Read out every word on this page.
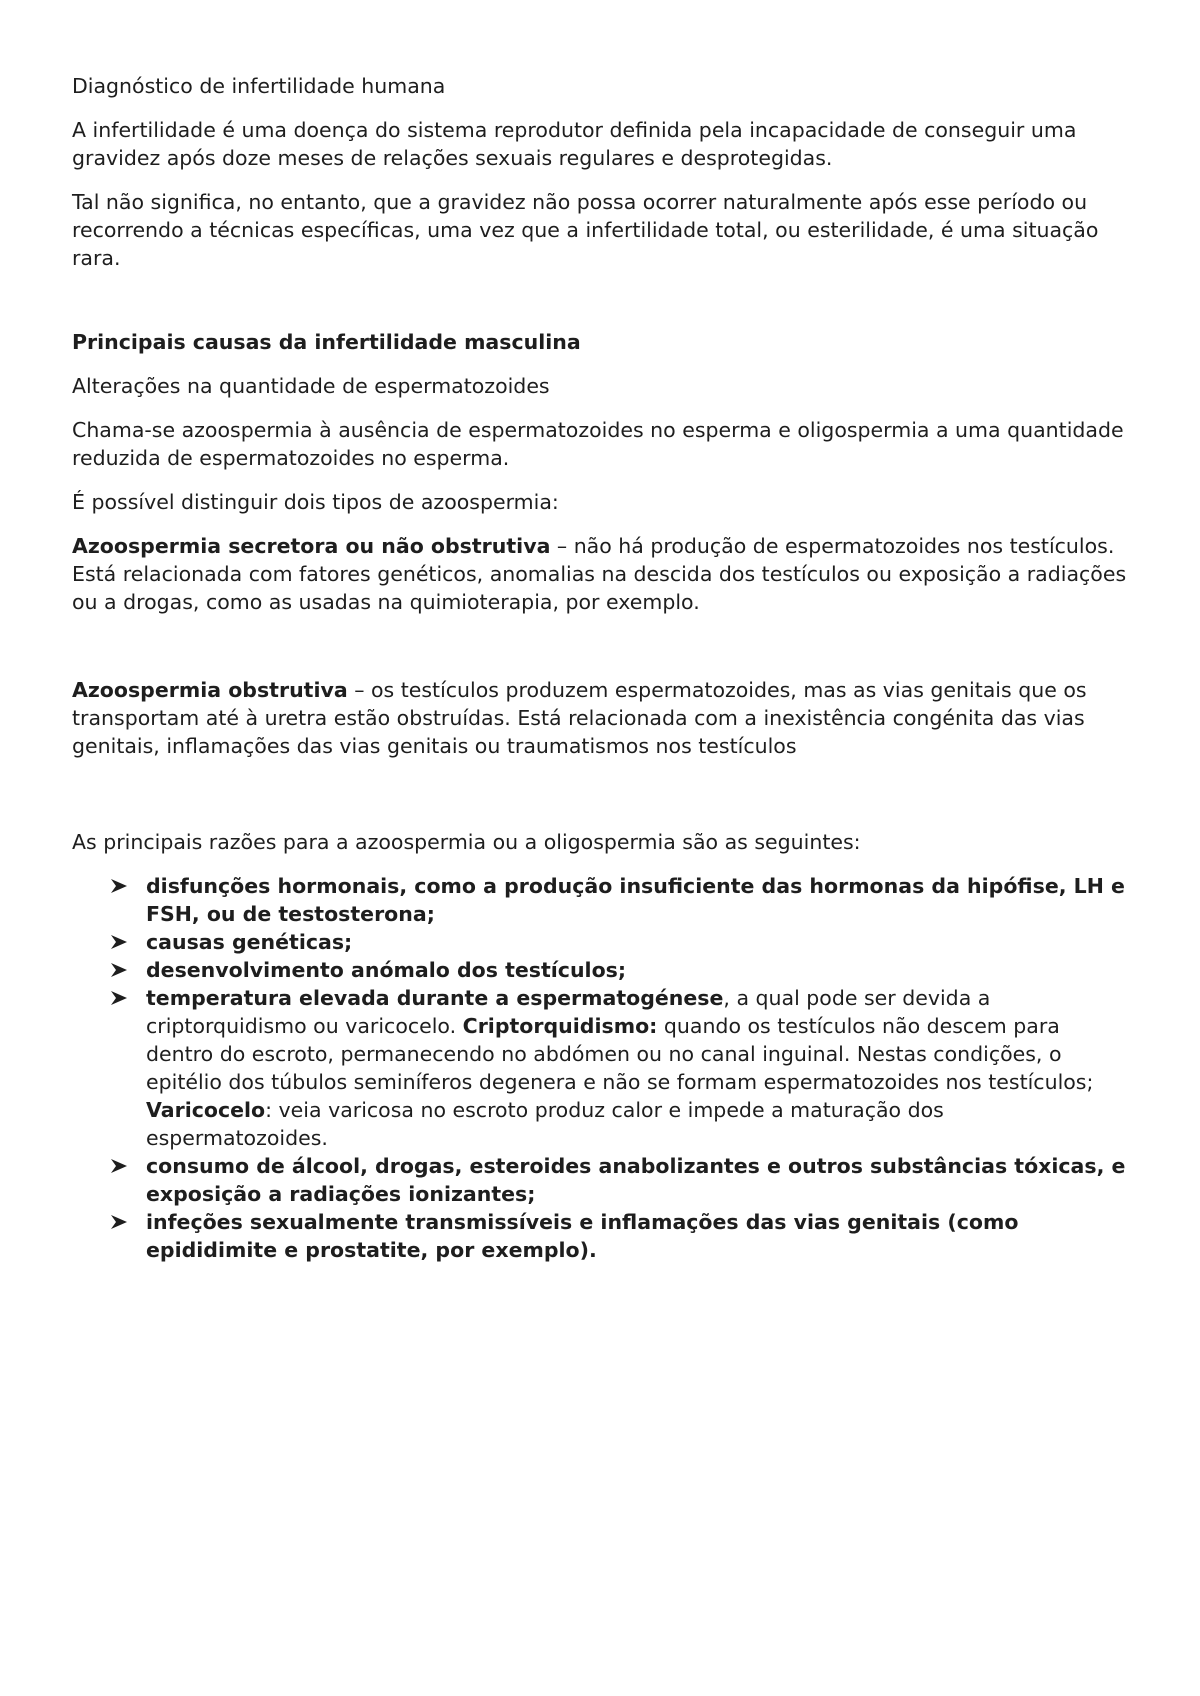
Diagnóstico de infertilidade humana

A infertilidade é uma doença do sistema reprodutor definida pela incapacidade de conseguir uma gravidez após doze meses de relações sexuais regulares e desprotegidas.

Tal não significa, no entanto, que a gravidez não possa ocorrer naturalmente após esse período ou recorrendo a técnicas específicas, uma vez que a infertilidade total, ou esterilidade, é uma situação rara.

Principais causas da infertilidade masculina

Alterações na quantidade de espermatozoides

Chama-se azoospermia à ausência de espermatozoides no esperma e oligospermia a uma quantidade reduzida de espermatozoides no esperma.

É possível distinguir dois tipos de azoospermia:

Azoospermia secretora ou não obstrutiva – não há produção de espermatozoides nos testículos. Está relacionada com fatores genéticos, anomalias na descida dos testículos ou exposição a radiações ou a drogas, como as usadas na quimioterapia, por exemplo.

Azoospermia obstrutiva – os testículos produzem espermatozoides, mas as vias genitais que os transportam até à uretra estão obstruídas. Está relacionada com a inexistência congénita das vias genitais, inflamações das vias genitais ou traumatismos nos testículos

As principais razões para a azoospermia ou a oligospermia são as seguintes:

disfunções hormonais, como a produção insuficiente das hormonas da hipófise, LH e FSH, ou de testosterona;
causas genéticas;
desenvolvimento anómalo dos testículos;
temperatura elevada durante a espermatogénese, a qual pode ser devida a criptorquidismo ou varicocelo. Criptorquidismo: quando os testículos não descem para dentro do escroto, permanecendo no abdómen ou no canal inguinal. Nestas condições, o epitélio dos túbulos seminíferos degenera e não se formam espermatozoides nos testículos; Varicocelo: veia varicosa no escroto produz calor e impede a maturação dos espermatozoides.
consumo de álcool, drogas, esteroides anabolizantes e outros substâncias tóxicas, e exposição a radiações ionizantes;
infeções sexualmente transmissíveis e inflamações das vias genitais (como epididimite e prostatite, por exemplo).
